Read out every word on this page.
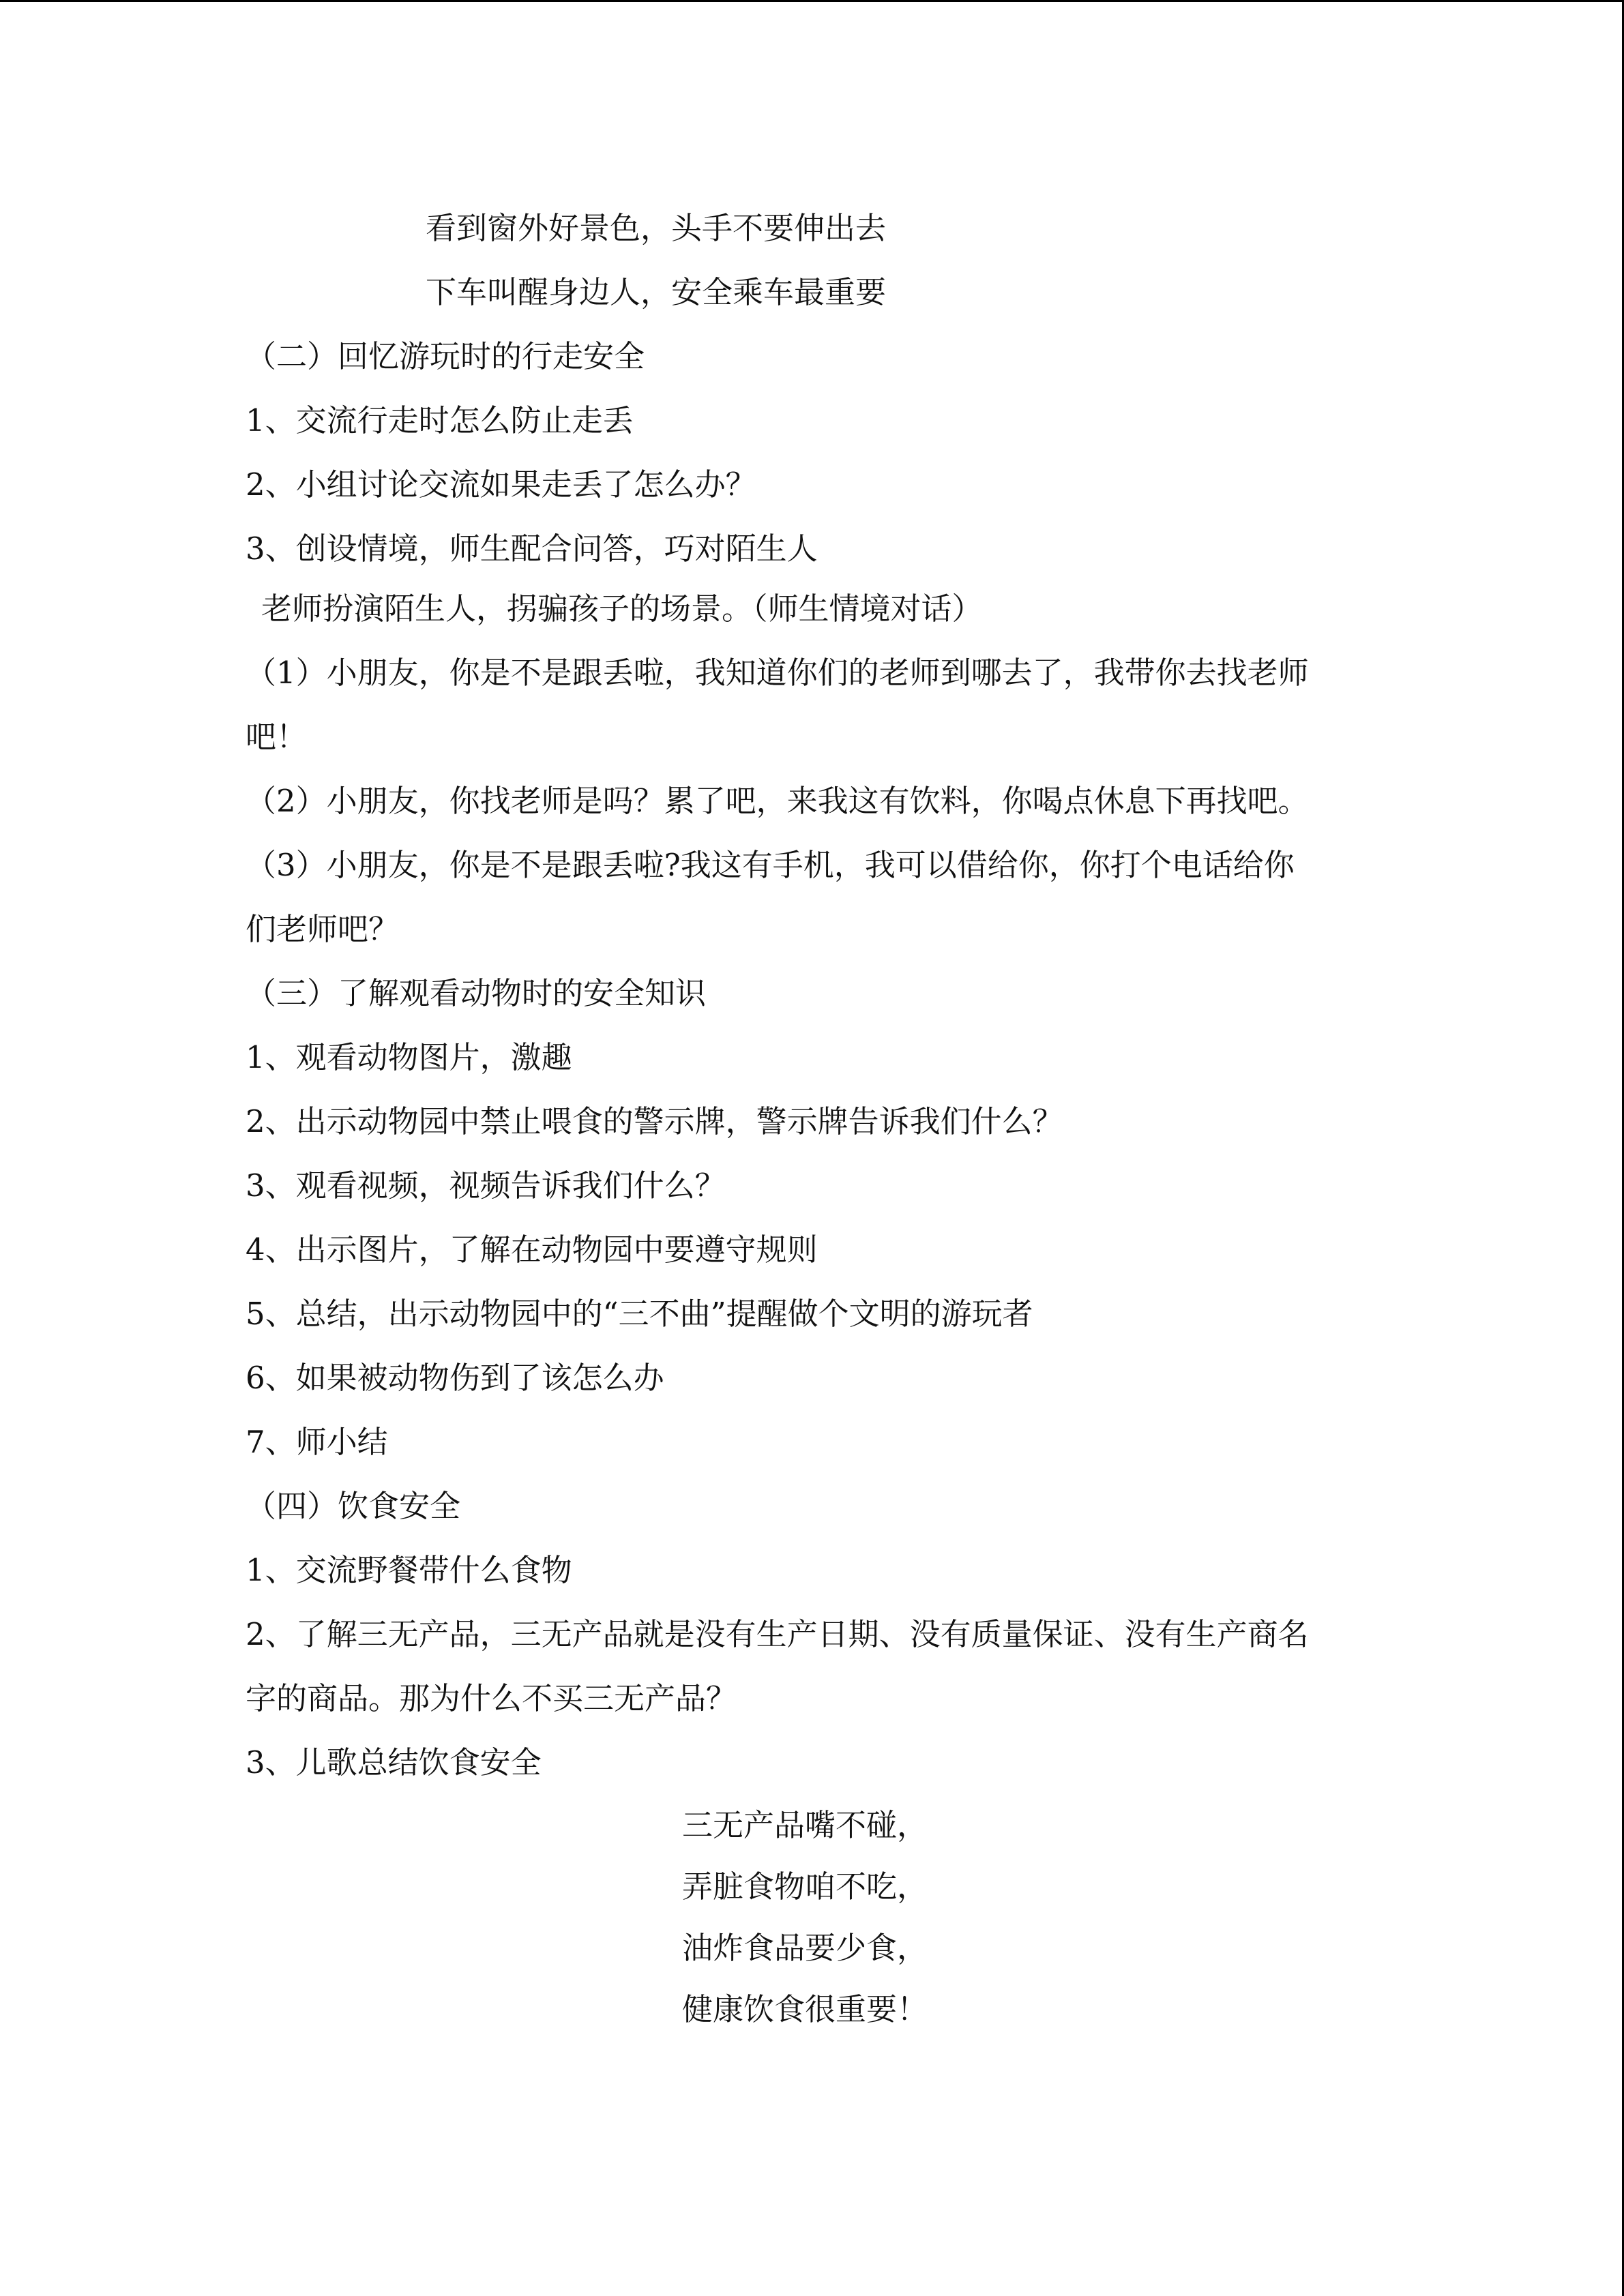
看到窗外好景色，头手不要伸出去
下车叫醒身边人，安全乘车最重要
（二）回忆游玩时的行走安全
1、交流行走时怎么防止走丢
2、小组讨论交流如果走丢了怎么办？
3、创设情境，师生配合问答，巧对陌生人
老师扮演陌生人，拐骗孩子的场景。（师生情境对话）
（1）小朋友，你是不是跟丢啦，我知道你们的老师到哪去了，我带你去找老师
吧！
（2）小朋友，你找老师是吗？累了吧，来我这有饮料，你喝点休息下再找吧。
（3）小朋友，你是不是跟丢啦?我这有手机，我可以借给你，你打个电话给你
们老师吧？
（三）了解观看动物时的安全知识
1、观看动物图片，激趣
2、出示动物园中禁止喂食的警示牌，警示牌告诉我们什么？
3、观看视频，视频告诉我们什么？
4、出示图片，了解在动物园中要遵守规则
5、总结，出示动物园中的“三不曲”提醒做个文明的游玩者
6、如果被动物伤到了该怎么办
7、师小结
（四）饮食安全
1、交流野餐带什么食物
2、了解三无产品，三无产品就是没有生产日期、没有质量保证、没有生产商名
字的商品。那为什么不买三无产品？
3、儿歌总结饮食安全
三无产品嘴不碰，
弄脏食物咱不吃，
油炸食品要少食，
健康饮食很重要！
